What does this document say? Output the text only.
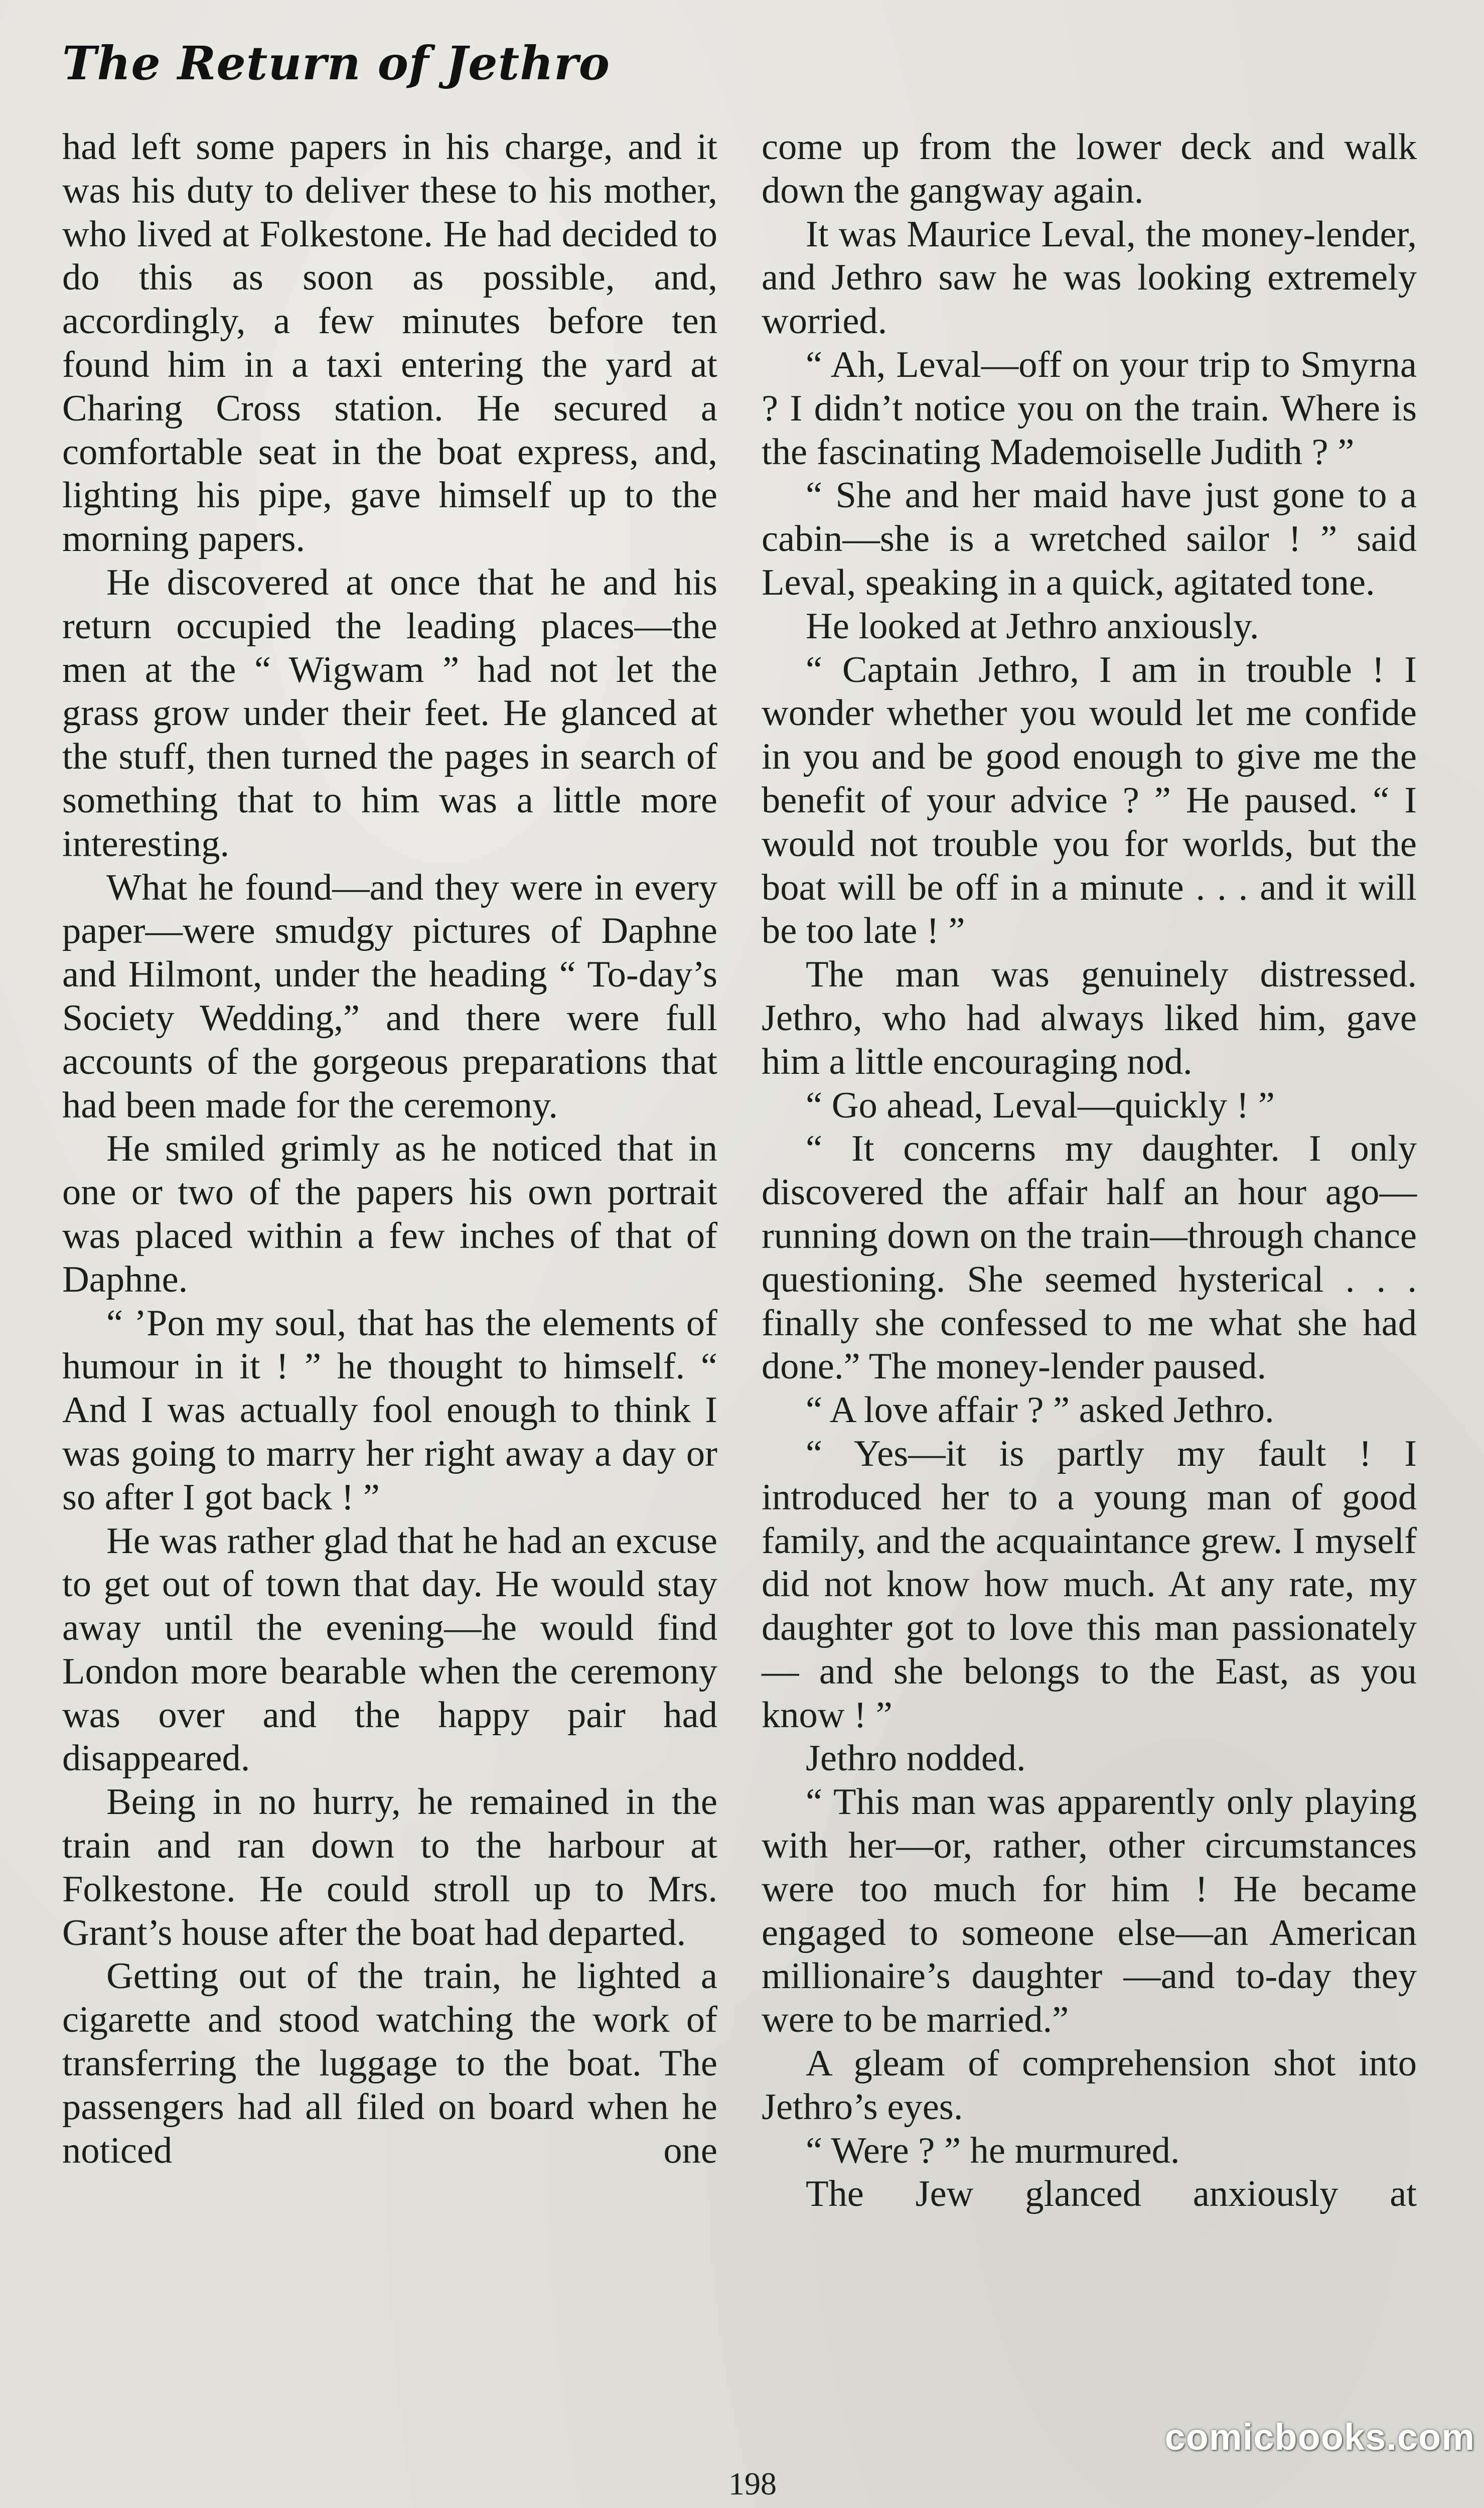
The Return of Jethro

had left some papers in his charge, and it was his duty to deliver these to his mother, who lived at Folkestone. He had decided to do this as soon as possible, and, accordingly, a few minutes before ten found him in a taxi entering the yard at Charing Cross station. He secured a comfortable seat in the boat express, and, lighting his pipe, gave himself up to the morning papers.

He discovered at once that he and his return occupied the leading places—the men at the “ Wigwam ” had not let the grass grow under their feet. He glanced at the stuff, then turned the pages in search of something that to him was a little more interesting.

What he found—and they were in every paper—were smudgy pictures of Daphne and Hilmont, under the heading “ To-day’s Society Wedding,” and there were full accounts of the gorgeous preparations that had been made for the ceremony.

He smiled grimly as he noticed that in one or two of the papers his own portrait was placed within a few inches of that of Daphne.

“ ’Pon my soul, that has the elements of humour in it ! ” he thought to himself. “ And I was actually fool enough to think I was going to marry her right away a day or so after I got back ! ”

He was rather glad that he had an excuse to get out of town that day. He would stay away until the evening—he would find London more bearable when the ceremony was over and the happy pair had disappeared.

Being in no hurry, he remained in the train and ran down to the harbour at Folkestone. He could stroll up to Mrs. Grant’s house after the boat had departed.

Getting out of the train, he lighted a cigarette and stood watching the work of transferring the luggage to the boat. The passengers had all filed on board when he noticed one

come up from the lower deck and walk down the gangway again.

It was Maurice Leval, the money-lender, and Jethro saw he was looking extremely worried.

“ Ah, Leval—off on your trip to Smyrna ? I didn’t notice you on the train. Where is the fascinating Mademoiselle Judith ? ”

“ She and her maid have just gone to a cabin—she is a wretched sailor ! ” said Leval, speaking in a quick, agitated tone.

He looked at Jethro anxiously.

“ Captain Jethro, I am in trouble ! I wonder whether you would let me confide in you and be good enough to give me the benefit of your advice ? ” He paused. “ I would not trouble you for worlds, but the boat will be off in a minute . . . and it will be too late ! ”

The man was genuinely distressed. Jethro, who had always liked him, gave him a little encouraging nod.

“ Go ahead, Leval—quickly ! ”

“ It concerns my daughter. I only discovered the affair half an hour ago—running down on the train—through chance questioning. She seemed hysterical . . . finally she confessed to me what she had done.” The money-lender paused.

“ A love affair ? ” asked Jethro.

“ Yes—it is partly my fault ! I introduced her to a young man of good family, and the acquaintance grew. I myself did not know how much. At any rate, my daughter got to love this man passionately — and she belongs to the East, as you know ! ”

Jethro nodded.

“ This man was apparently only playing with her—or, rather, other circumstances were too much for him ! He became engaged to someone else—an American millionaire’s daughter —and to-day they were to be married.”

A gleam of comprehension shot into Jethro’s eyes.

“ Were ? ” he murmured.

The Jew glanced anxiously at

198
comicbooks.com
